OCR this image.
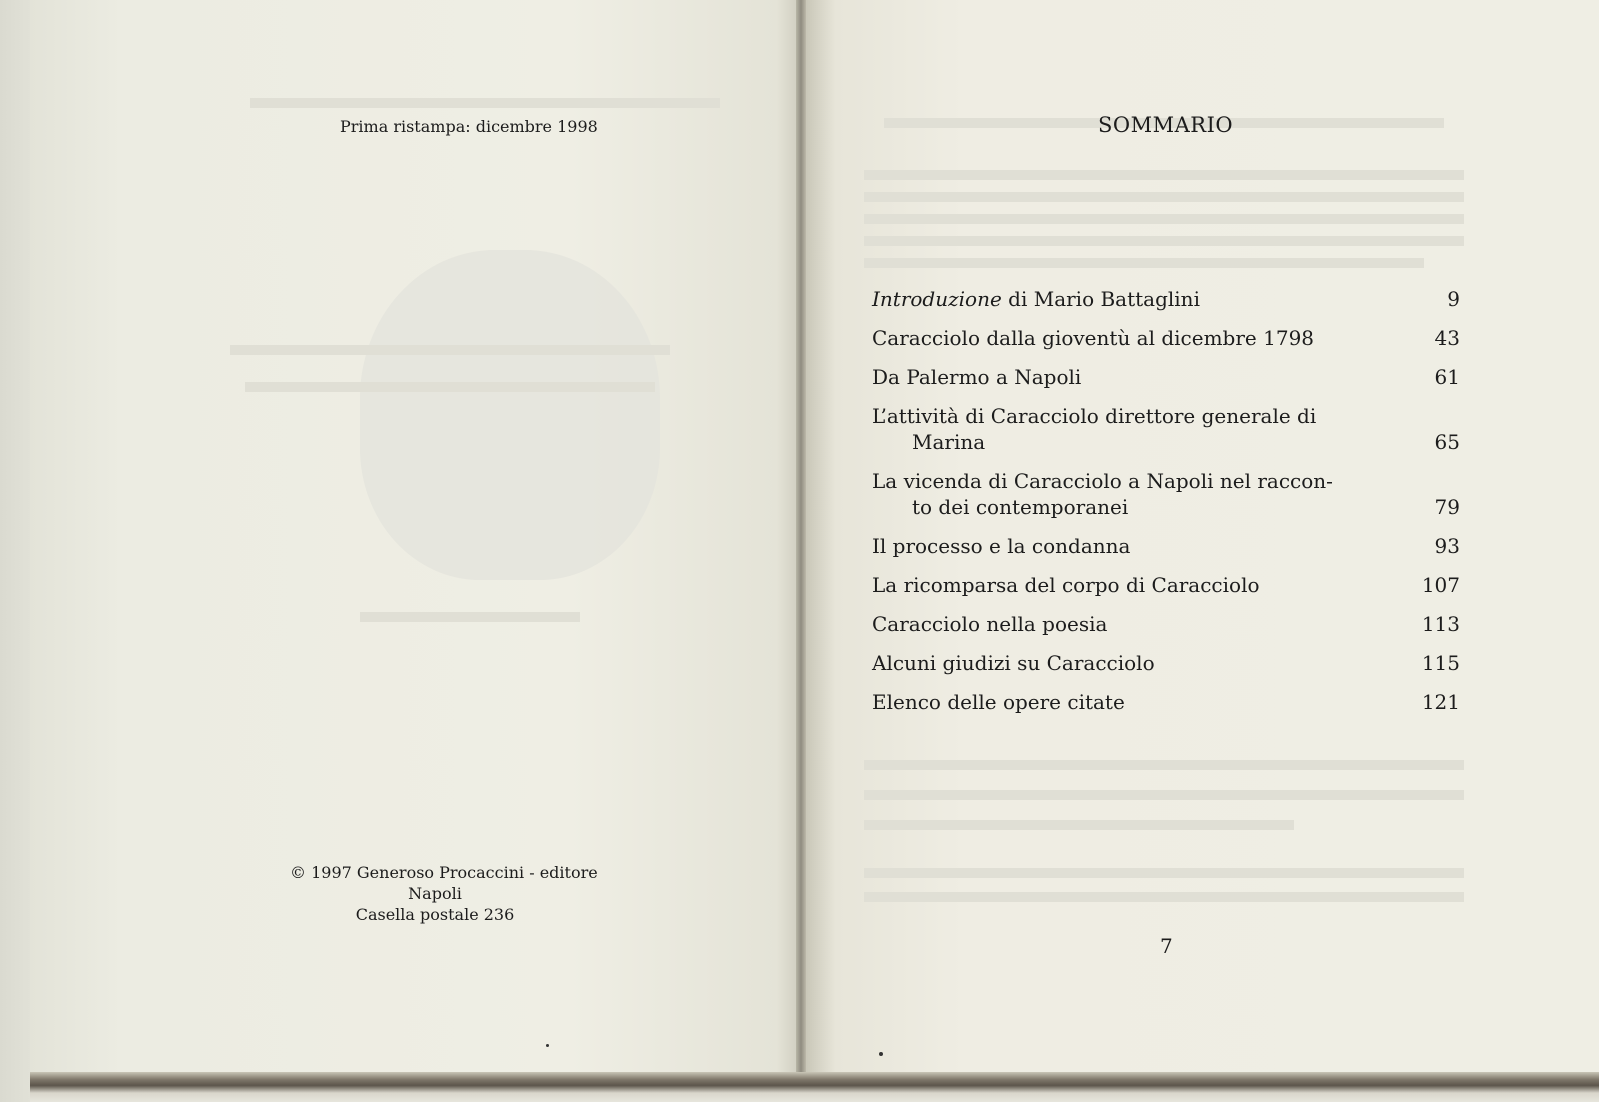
Prima ristampa: dicembre 1998
© 1997 Generoso Procaccini - editore
Napoli
Casella postale 236
SOMMARIO
Introduzione di Mario Battaglini	9
Caracciolo dalla gioventù al dicembre 1798	43
Da Palermo a Napoli	61
L’attività di Caracciolo direttore generale di
Marina	65
La vicenda di Caracciolo a Napoli nel raccon-
to dei contemporanei	79
Il processo e la condanna	93
La ricomparsa del corpo di Caracciolo	107
Caracciolo nella poesia	113
Alcuni giudizi su Caracciolo	115
Elenco delle opere citate	121
7
